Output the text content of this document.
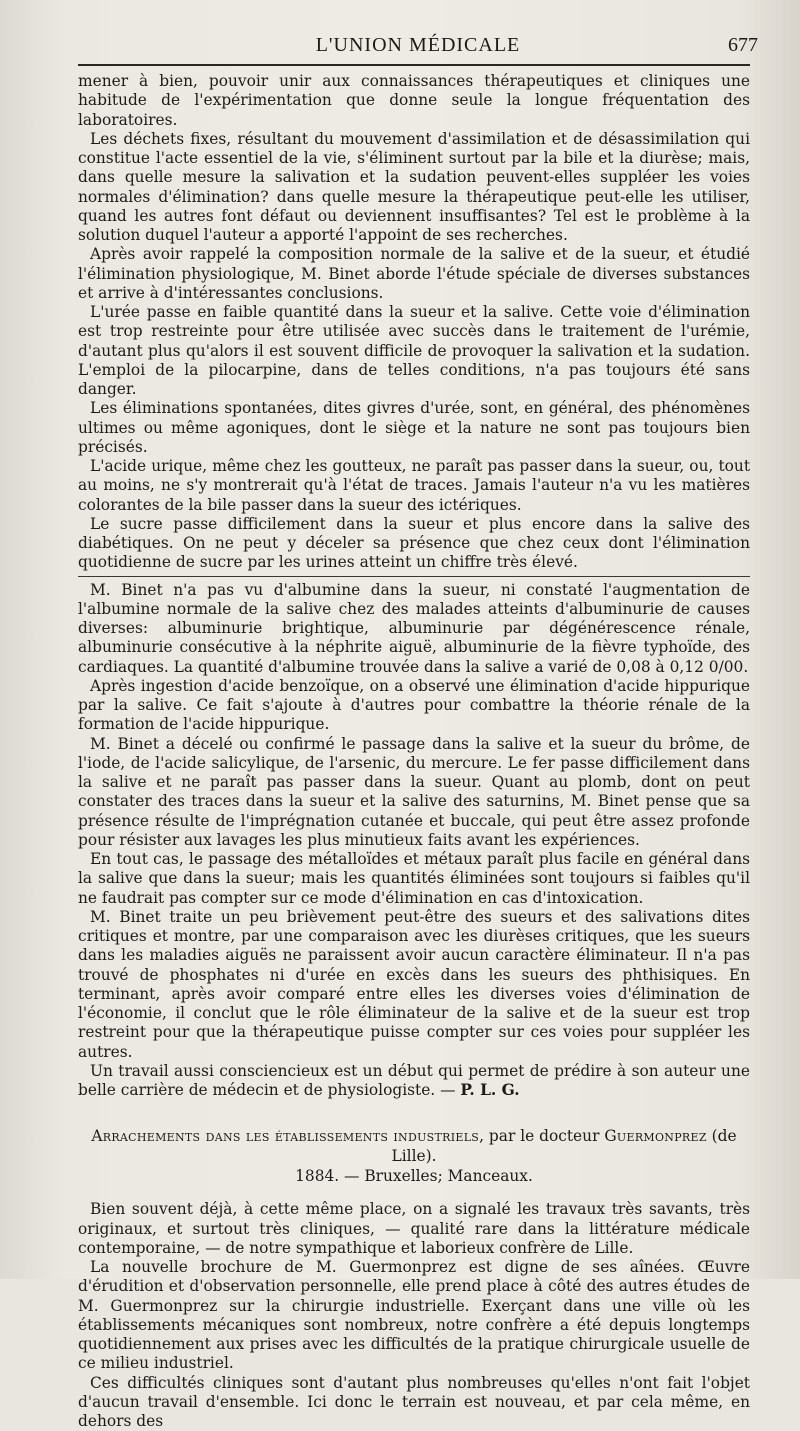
L'UNION MÉDICALE	677

mener à bien, pouvoir unir aux connaissances thérapeutiques et cliniques une habitude de l'expérimentation que donne seule la longue fréquentation des laboratoires.

Les déchets fixes, résultant du mouvement d'assimilation et de désassimilation qui constitue l'acte essentiel de la vie, s'éliminent surtout par la bile et la diurèse; mais, dans quelle mesure la salivation et la sudation peuvent-elles suppléer les voies normales d'élimination? dans quelle mesure la thérapeutique peut-elle les utiliser, quand les autres font défaut ou deviennent insuffisantes? Tel est le problème à la solution duquel l'auteur a apporté l'appoint de ses recherches.

Après avoir rappelé la composition normale de la salive et de la sueur, et étudié l'élimination physiologique, M. Binet aborde l'étude spéciale de diverses substances et arrive à d'intéressantes conclusions.

L'urée passe en faible quantité dans la sueur et la salive. Cette voie d'élimination est trop restreinte pour être utilisée avec succès dans le traitement de l'urémie, d'autant plus qu'alors il est souvent difficile de provoquer la salivation et la sudation. L'emploi de la pilocarpine, dans de telles conditions, n'a pas toujours été sans danger.

Les éliminations spontanées, dites givres d'urée, sont, en général, des phénomènes ultimes ou même agoniques, dont le siège et la nature ne sont pas toujours bien précisés.

L'acide urique, même chez les goutteux, ne paraît pas passer dans la sueur, ou, tout au moins, ne s'y montrerait qu'à l'état de traces. Jamais l'auteur n'a vu les matières colorantes de la bile passer dans la sueur des ictériques.

Le sucre passe difficilement dans la sueur et plus encore dans la salive des diabétiques. On ne peut y déceler sa présence que chez ceux dont l'élimination quotidienne de sucre par les urines atteint un chiffre très élevé.

M. Binet n'a pas vu d'albumine dans la sueur, ni constaté l'augmentation de l'albumine normale de la salive chez des malades atteints d'albuminurie de causes diverses: albuminurie brightique, albuminurie par dégénérescence rénale, albuminurie consécutive à la néphrite aiguë, albuminurie de la fièvre typhoïde, des cardiaques. La quantité d'albumine trouvée dans la salive a varié de 0,08 à 0,12 0/00.

Après ingestion d'acide benzoïque, on a observé une élimination d'acide hippurique par la salive. Ce fait s'ajoute à d'autres pour combattre la théorie rénale de la formation de l'acide hippurique.

M. Binet a décelé ou confirmé le passage dans la salive et la sueur du brôme, de l'iode, de l'acide salicylique, de l'arsenic, du mercure. Le fer passe difficilement dans la salive et ne paraît pas passer dans la sueur. Quant au plomb, dont on peut constater des traces dans la sueur et la salive des saturnins, M. Binet pense que sa présence résulte de l'imprégnation cutanée et buccale, qui peut être assez profonde pour résister aux lavages les plus minutieux faits avant les expériences.

En tout cas, le passage des métalloïdes et métaux paraît plus facile en général dans la salive que dans la sueur; mais les quantités éliminées sont toujours si faibles qu'il ne faudrait pas compter sur ce mode d'élimination en cas d'intoxication.

M. Binet traite un peu brièvement peut-être des sueurs et des salivations dites critiques et montre, par une comparaison avec les diurèses critiques, que les sueurs dans les maladies aiguës ne paraissent avoir aucun caractère éliminateur. Il n'a pas trouvé de phosphates ni d'urée en excès dans les sueurs des phthisiques. En terminant, après avoir comparé entre elles les diverses voies d'élimination de l'économie, il conclut que le rôle éliminateur de la salive et de la sueur est trop restreint pour que la thérapeutique puisse compter sur ces voies pour suppléer les autres.

Un travail aussi consciencieux est un début qui permet de prédire à son auteur une belle carrière de médecin et de physiologiste. — P. L. G.

Arrachements dans les établissements industriels, par le docteur Guermonprez (de Lille).
1884. — Bruxelles; Manceaux.

Bien souvent déjà, à cette même place, on a signalé les travaux très savants, très originaux, et surtout très cliniques, — qualité rare dans la littérature médicale contemporaine, — de notre sympathique et laborieux confrère de Lille.

La nouvelle brochure de M. Guermonprez est digne de ses aînées. Œuvre d'érudition et d'observation personnelle, elle prend place à côté des autres études de M. Guermonprez sur la chirurgie industrielle. Exerçant dans une ville où les établissements mécaniques sont nombreux, notre confrère a été depuis longtemps quotidiennement aux prises avec les difficultés de la pratique chirurgicale usuelle de ce milieu industriel.

Ces difficultés cliniques sont d'autant plus nombreuses qu'elles n'ont fait l'objet d'aucun travail d'ensemble. Ici donc le terrain est nouveau, et par cela même, en dehors des
